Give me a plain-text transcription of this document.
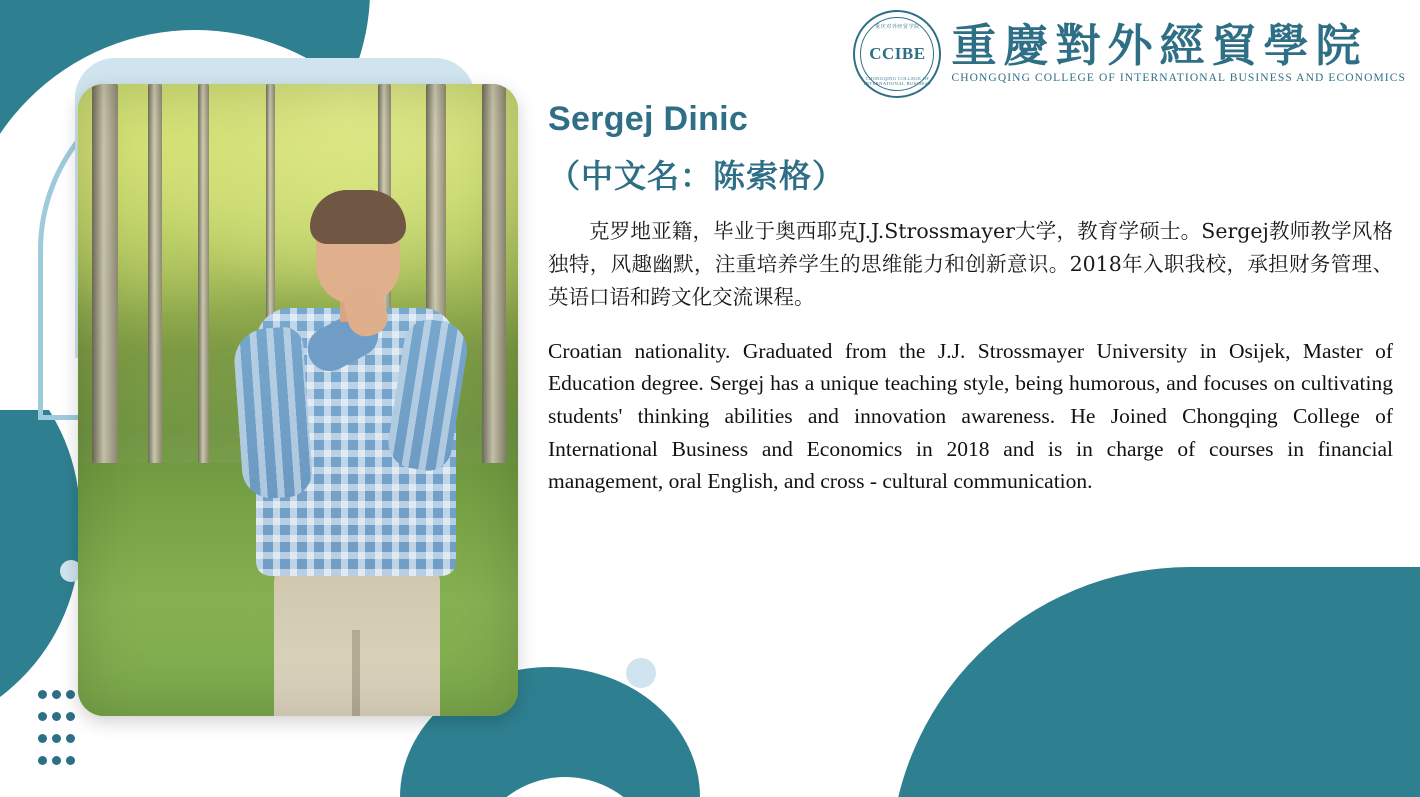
重庆对外经贸学院
CCIBE
CHONGQING COLLEGE OF INTERNATIONAL BUSINESS
重慶對外經貿學院
CHONGQING COLLEGE OF INTERNATIONAL BUSINESS AND ECONOMICS
Sergej Dinic
（中文名：陈索格）

克罗地亚籍，毕业于奥西耶克J.J.Strossmayer大学，教育学硕士。Sergej教师教学风格独特，风趣幽默，注重培养学生的思维能力和创新意识。2018年入职我校，承担财务管理、英语口语和跨文化交流课程。

Croatian nationality. Graduated from the J.J. Strossmayer University in Osijek, Master of Education degree. Sergej has a unique teaching style, being humorous, and focuses on cultivating students' thinking abilities and innovation awareness. He Joined Chongqing College of International Business and Economics in 2018 and is in charge of courses in financial management, oral English, and cross - cultural communication.
